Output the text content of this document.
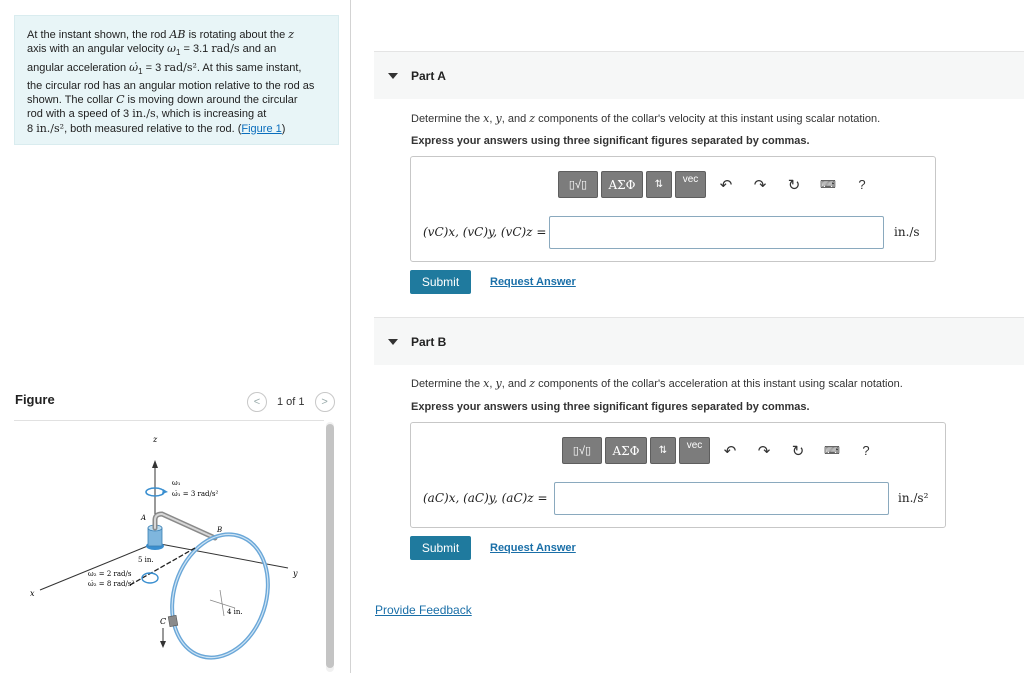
At the instant shown, the rod AB is rotating about the z
axis with an angular velocity $\omega_1 = 3.1$ rad/s and an
angular acceleration $\omegȧ_1 = 3$ rad/s². At this same instant,
the circular rod has an angular motion relative to the rod as
shown. The collar C is moving down around the circular
rod with a speed of 3 in./s, which is increasing at
8 in./s², both measured relative to the rod. (Figure 1)
Figure	<	1 of 1	>
z
ω₁
ω̇₁ = 3 rad/s²
x
y
A
B
4 in.
5 in.
ω₂ = 2 rad/s
ω̇₂ = 8 rad/s²
C
Part A
Determine the x, y, and z components of the collar's velocity at this instant using scalar notation.
Express your answers using three significant figures separated by commas.
▯√▯	ΑΣΦ	⇅	vec	↶	↷	↻	⌨	?
(vC)x, (vC)y, (vC)z =	in./s
Submit	Request Answer
Part B
Determine the x, y, and z components of the collar's acceleration at this instant using scalar notation.
Express your answers using three significant figures separated by commas.
▯√▯	ΑΣΦ	⇅	vec	↶	↷	↻	⌨	?
(aC)x, (aC)y, (aC)z =	in./s²
Submit	Request Answer
Provide Feedback
